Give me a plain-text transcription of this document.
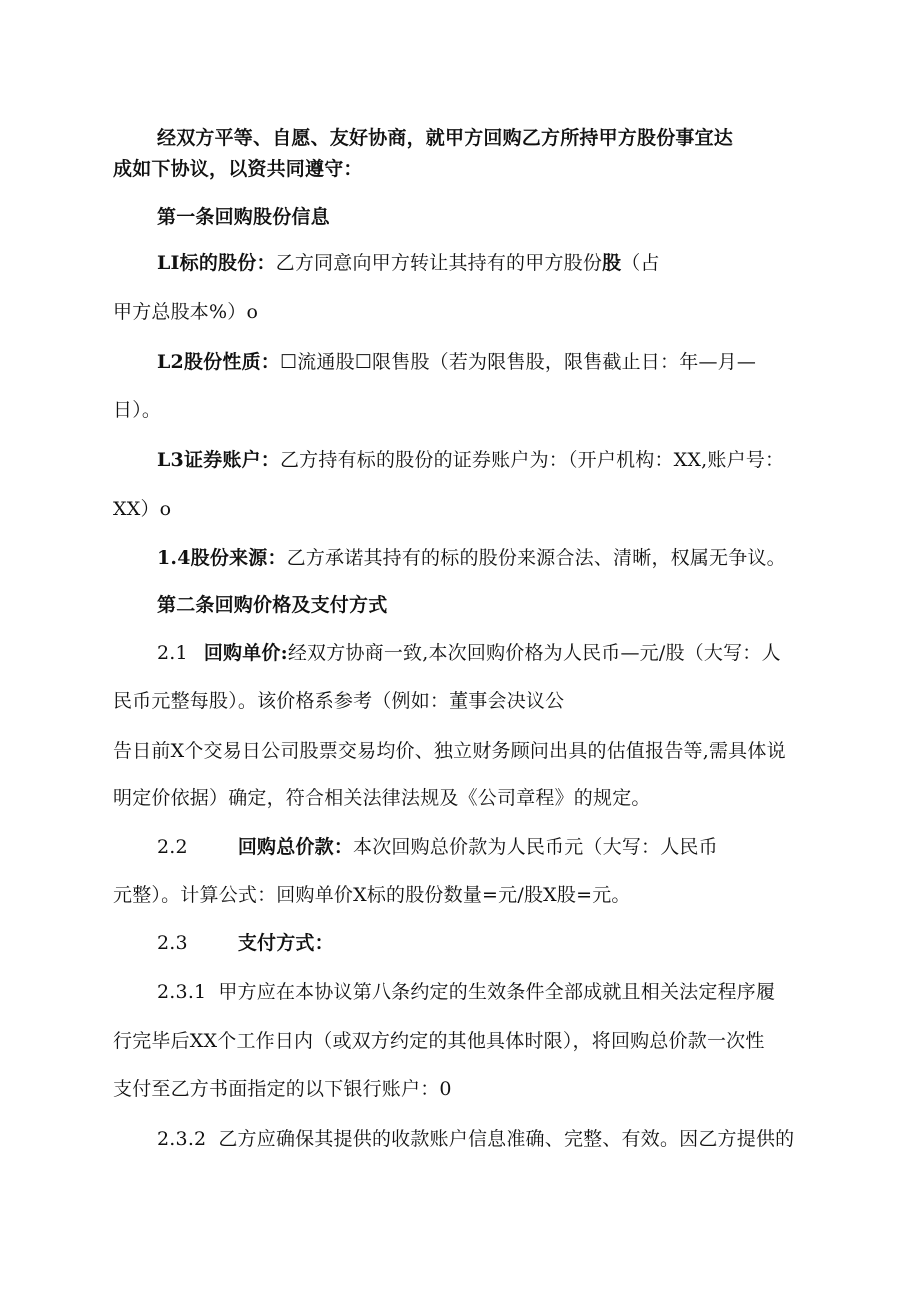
经双方平等、自愿、友好协商，就甲方回购乙方所持甲方股份事宜达
成如下协议，以资共同遵守：
第一条回购股份信息
LI标的股份：乙方同意向甲方转让其持有的甲方股份股（占
甲方总股本%）o
L2股份性质：☐流通股☐限售股（若为限售股，限售截止日：年—月—
日）。
L3证券账户：乙方持有标的股份的证券账户为：（开户机构：XX,账户号：
XX）o
1.4股份来源：乙方承诺其持有的标的股份来源合法、清晰，权属无争议。
第二条回购价格及支付方式
2.1 回购单价:经双方协商一致,本次回购价格为人民币—元/股（大写：人
民币元整每股）。该价格系参考（例如：董事会决议公
告日前X个交易日公司股票交易均价、独立财务顾问出具的估值报告等,需具体说
明定价依据）确定，符合相关法律法规及《公司章程》的规定。
2.2	回购总价款：本次回购总价款为人民币元（大写：人民币
元整）。计算公式：回购单价X标的股份数量=元/股X股=元。
2.3	支付方式：
2.3.1 甲方应在本协议第八条约定的生效条件全部成就且相关法定程序履
行完毕后XX个工作日内（或双方约定的其他具体时限），将回购总价款一次性
支付至乙方书面指定的以下银行账户：0
2.3.2 乙方应确保其提供的收款账户信息准确、完整、有效。因乙方提供的
